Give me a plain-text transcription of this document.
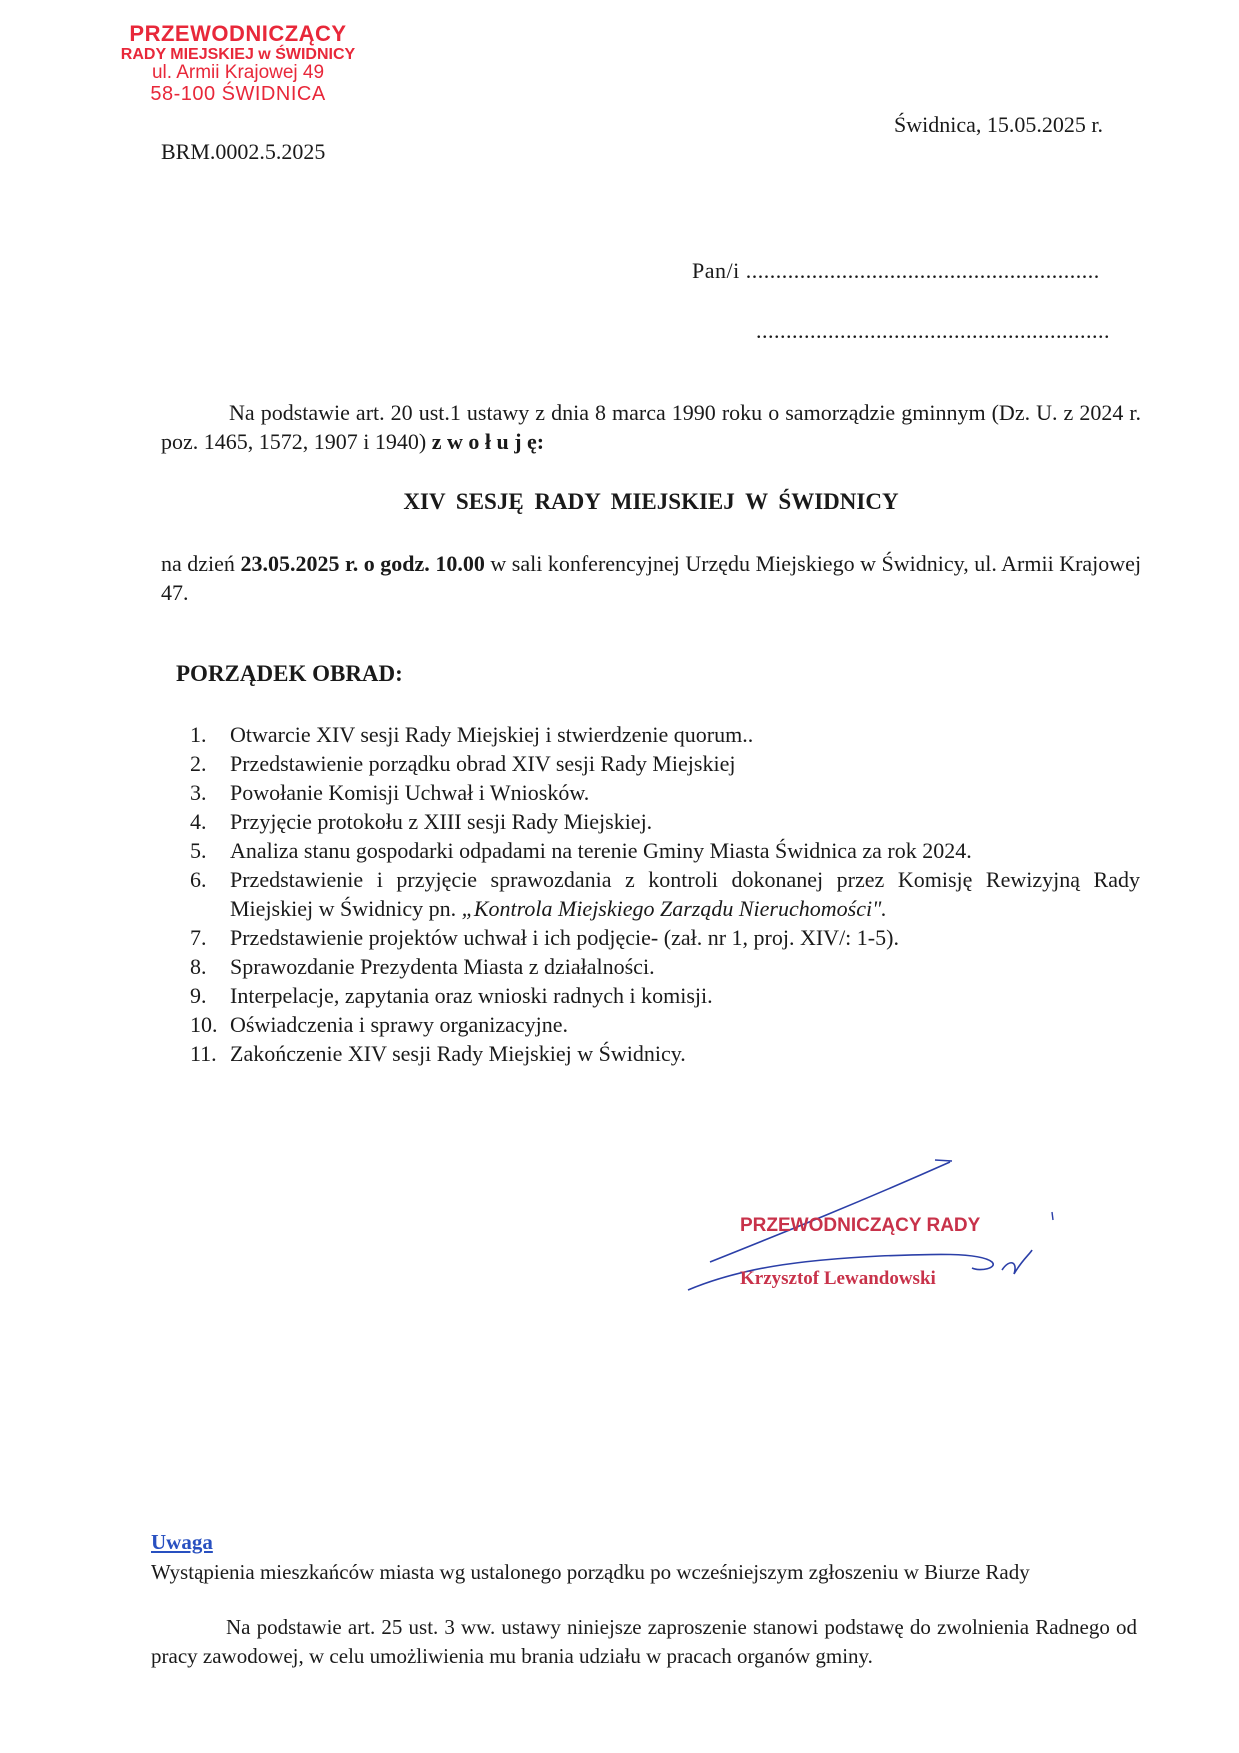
PRZEWODNICZĄCY
RADY MIEJSKIEJ w ŚWIDNICY
ul. Armii Krajowej 49
58-100 ŚWIDNICA
BRM.0002.5.2025
Świdnica, 15.05.2025 r.
Pan/i ...........................................................
...........................................................
Na podstawie art. 20 ust.1 ustawy z dnia 8 marca 1990 roku o samorządzie gminnym (Dz. U. z 2024 r. poz. 1465, 1572, 1907 i 1940) z w o ł u j ę:
XIV SESJĘ RADY MIEJSKIEJ W ŚWIDNICY
na dzień 23.05.2025 r. o godz. 10.00 w sali konferencyjnej Urzędu Miejskiego w Świdnicy, ul. Armii Krajowej 47.
PORZĄDEK OBRAD:
1.	Otwarcie XIV sesji Rady Miejskiej i stwierdzenie quorum..
2.	Przedstawienie porządku obrad XIV sesji Rady Miejskiej
3.	Powołanie Komisji Uchwał i Wniosków.
4.	Przyjęcie protokołu z XIII sesji Rady Miejskiej.
5.	Analiza stanu gospodarki odpadami na terenie Gminy Miasta Świdnica za rok 2024.
6.	Przedstawienie i przyjęcie sprawozdania z kontroli dokonanej przez Komisję Rewizyjną Rady Miejskiej w Świdnicy pn. „Kontrola Miejskiego Zarządu Nieruchomości".
7.	Przedstawienie projektów uchwał i ich podjęcie- (zał. nr 1, proj. XIV/: 1-5).
8.	Sprawozdanie Prezydenta Miasta z działalności.
9.	Interpelacje, zapytania oraz wnioski radnych i komisji.
10. Oświadczenia i sprawy organizacyjne.
11. Zakończenie XIV sesji Rady Miejskiej w Świdnicy.
PRZEWODNICZĄCY RADY
Krzysztof Lewandowski
Uwaga
Wystąpienia mieszkańców miasta wg ustalonego porządku po wcześniejszym zgłoszeniu w Biurze Rady
Na podstawie art. 25 ust. 3 ww. ustawy niniejsze zaproszenie stanowi podstawę do zwolnienia Radnego od pracy zawodowej, w celu umożliwienia mu brania udziału w pracach organów gminy.
